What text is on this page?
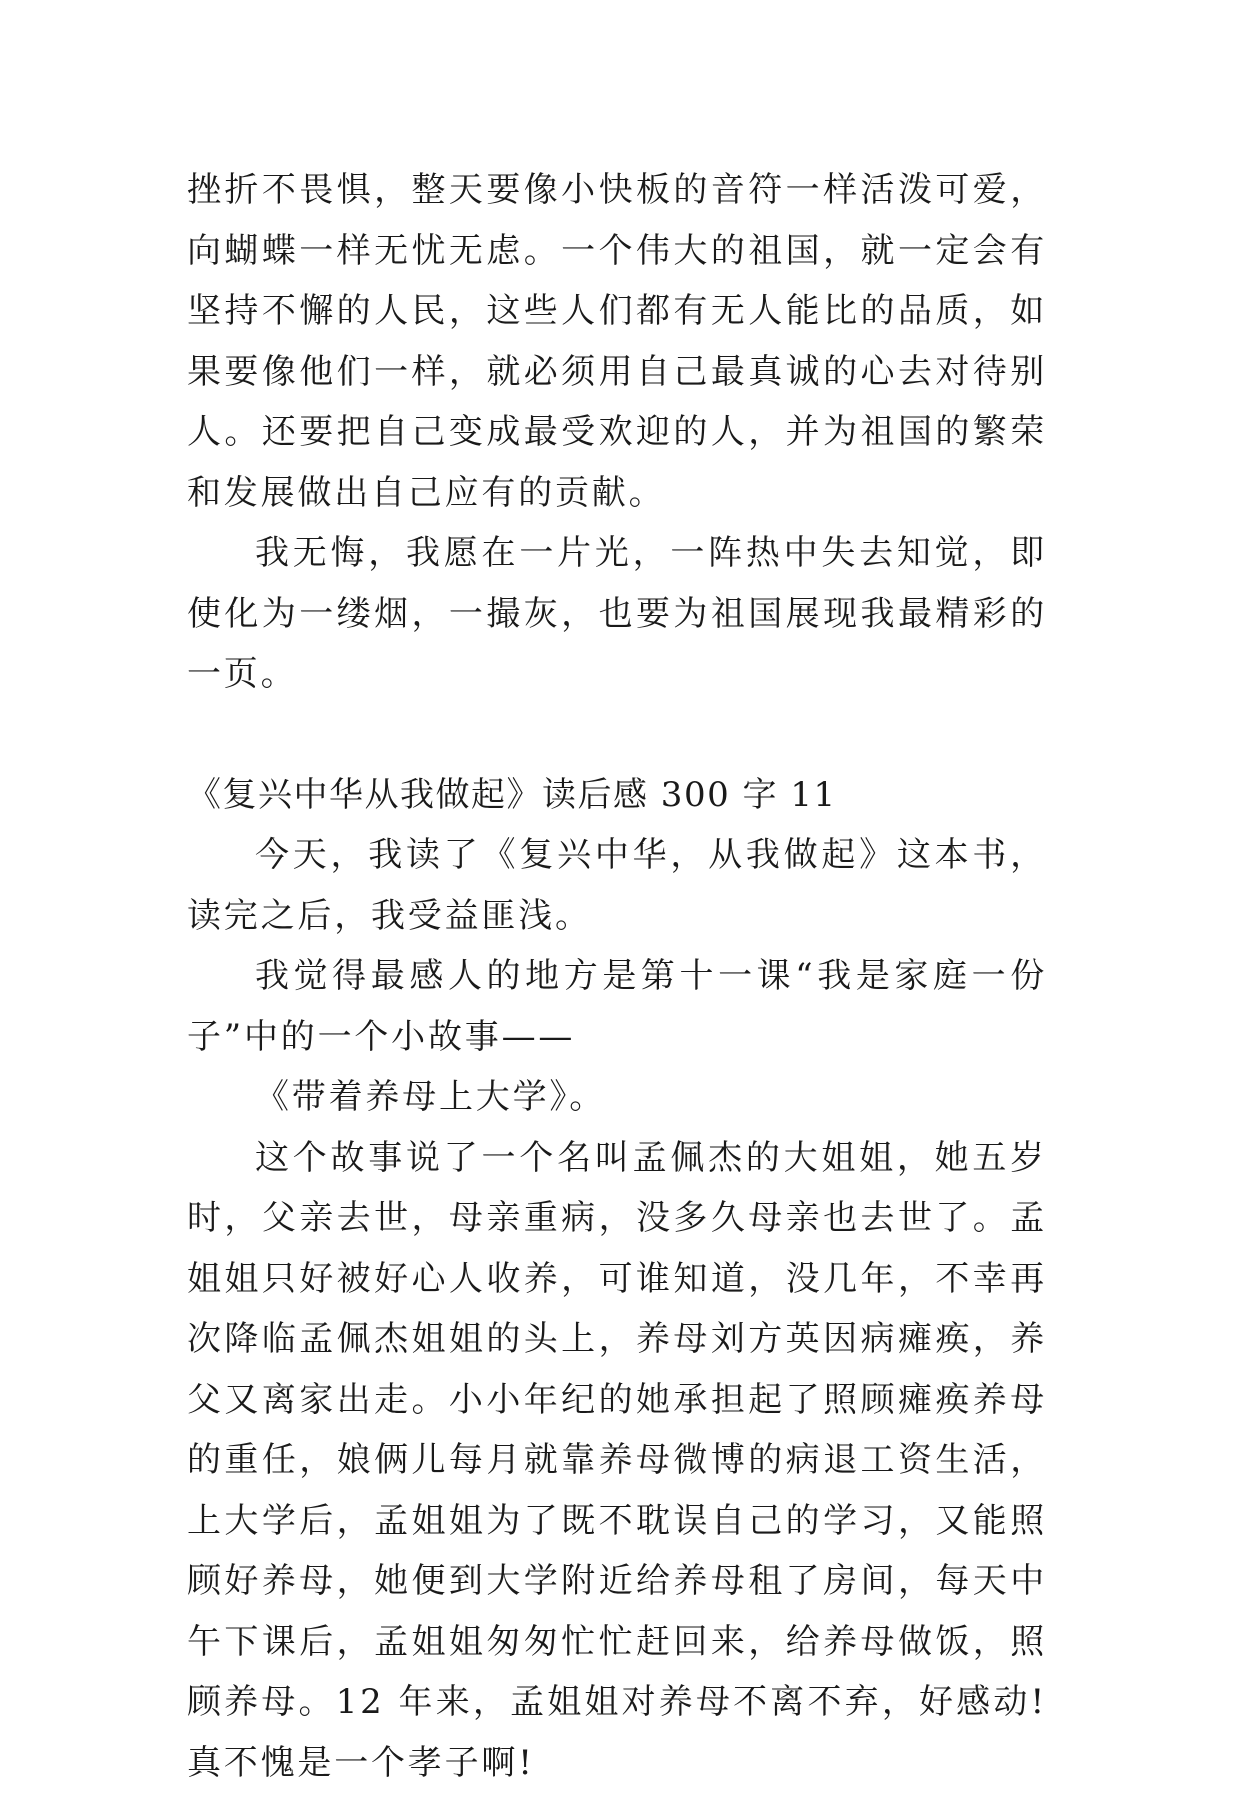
挫折不畏惧，整天要像小快板的音符一样活泼可爱，向蝴蝶一样无忧无虑。一个伟大的祖国，就一定会有坚持不懈的人民，这些人们都有无人能比的品质，如果要像他们一样，就必须用自己最真诚的心去对待别人。还要把自己变成最受欢迎的人，并为祖国的繁荣和发展做出自己应有的贡献。

我无悔，我愿在一片光，一阵热中失去知觉，即使化为一缕烟，一撮灰，也要为祖国展现我最精彩的一页。

《复兴中华从我做起》读后感 300 字 11

今天，我读了《复兴中华，从我做起》这本书，读完之后，我受益匪浅。

我觉得最感人的地方是第十一课“我是家庭一份子”中的一个小故事——

《带着养母上大学》。

这个故事说了一个名叫孟佩杰的大姐姐，她五岁时，父亲去世，母亲重病，没多久母亲也去世了。孟姐姐只好被好心人收养，可谁知道，没几年，不幸再次降临孟佩杰姐姐的头上，养母刘方英因病瘫痪，养父又离家出走。小小年纪的她承担起了照顾瘫痪养母的重任，娘俩儿每月就靠养母微博的病退工资生活，上大学后，孟姐姐为了既不耽误自己的学习，又能照顾好养母，她便到大学附近给养母租了房间，每天中午下课后，孟姐姐匆匆忙忙赶回来，给养母做饭，照顾养母。12 年来，孟姐姐对养母不离不弃，好感动!真不愧是一个孝子啊!
